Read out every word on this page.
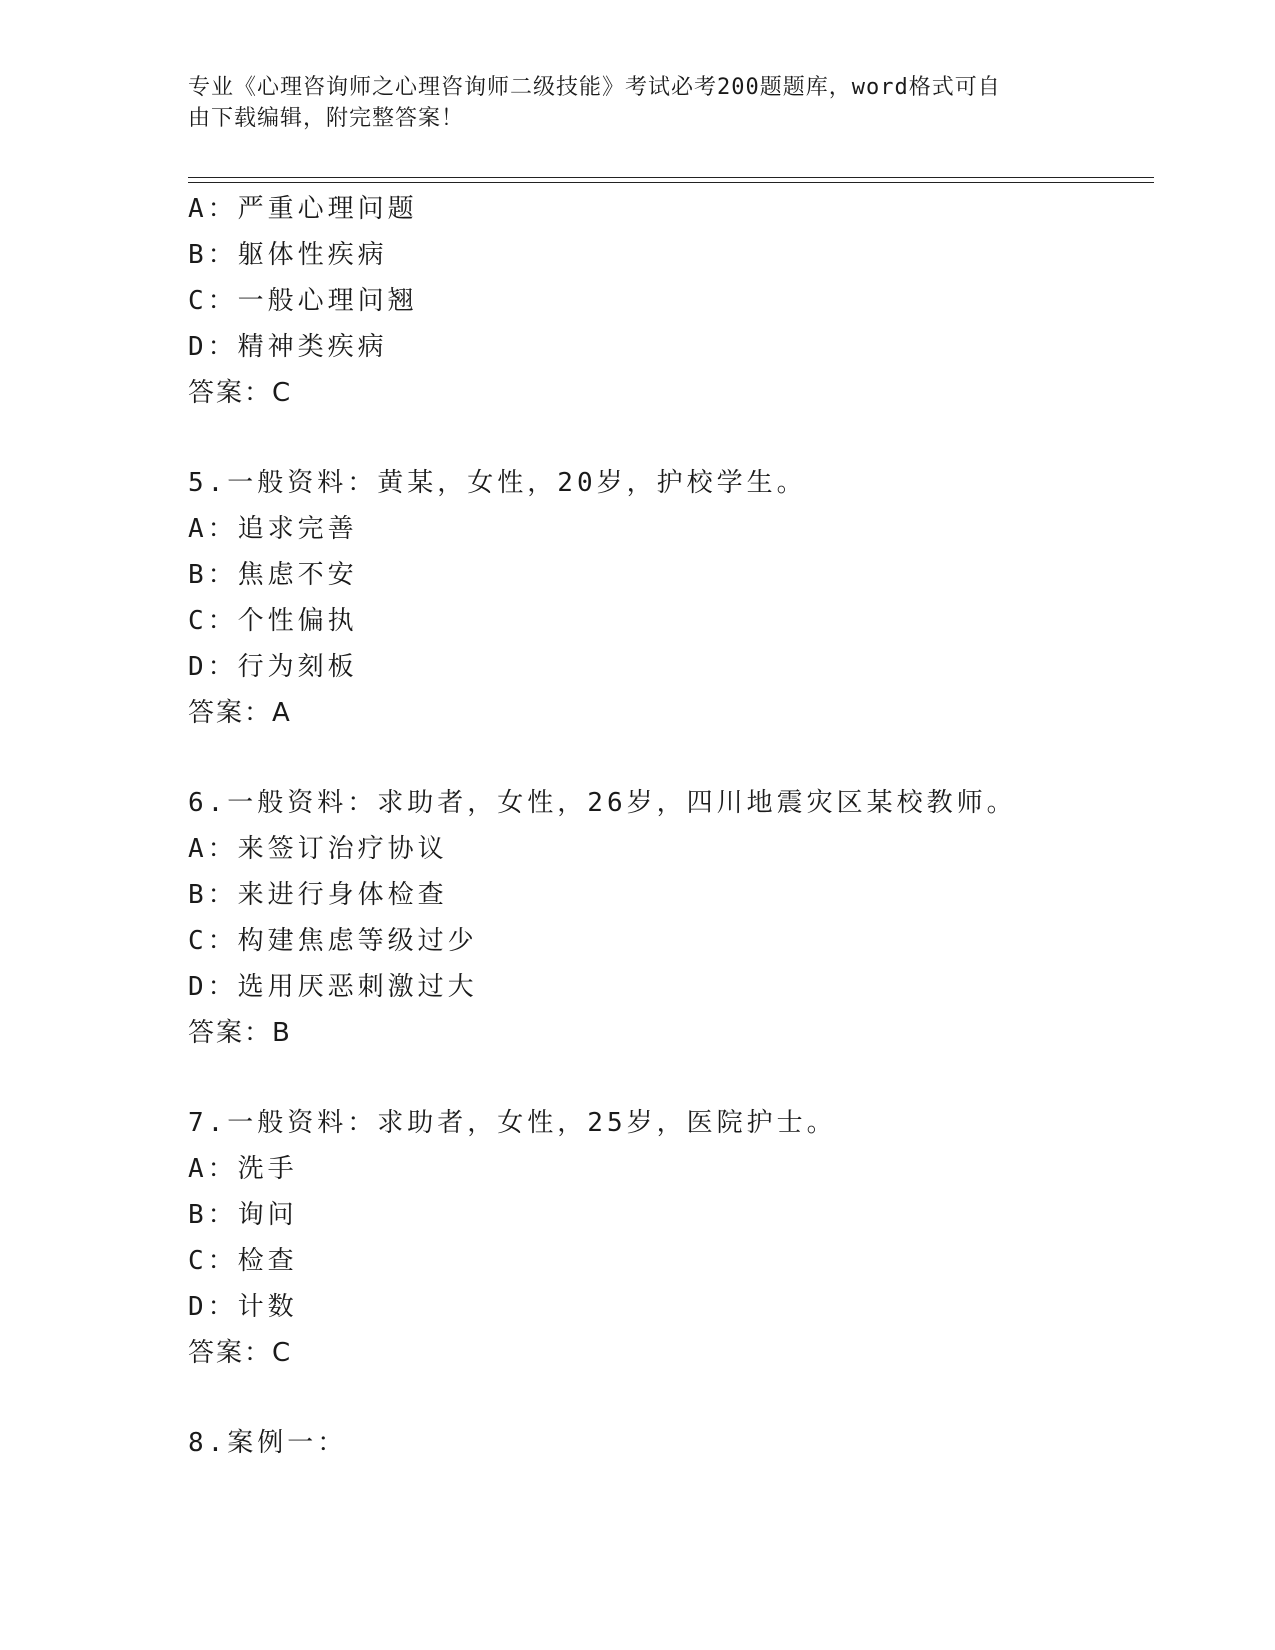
专业《心理咨询师之心理咨询师二级技能》考试必考200题题库，word格式可自
由下载编辑，附完整答案！
A：严重心理问题
B：躯体性疾病
C：一般心理问翘
D：精神类疾病
答案：C
5.一般资料：黄某，女性，20岁，护校学生。
A：追求完善
B：焦虑不安
C：个性偏执
D：行为刻板
答案：A
6.一般资料：求助者，女性，26岁，四川地震灾区某校教师。
A：来签订治疗协议
B：来进行身体检查
C：构建焦虑等级过少
D：选用厌恶刺激过大
答案：B
7.一般资料：求助者，女性，25岁，医院护士。
A：洗手
B：询问
C：检查
D：计数
答案：C
8.案例一：
